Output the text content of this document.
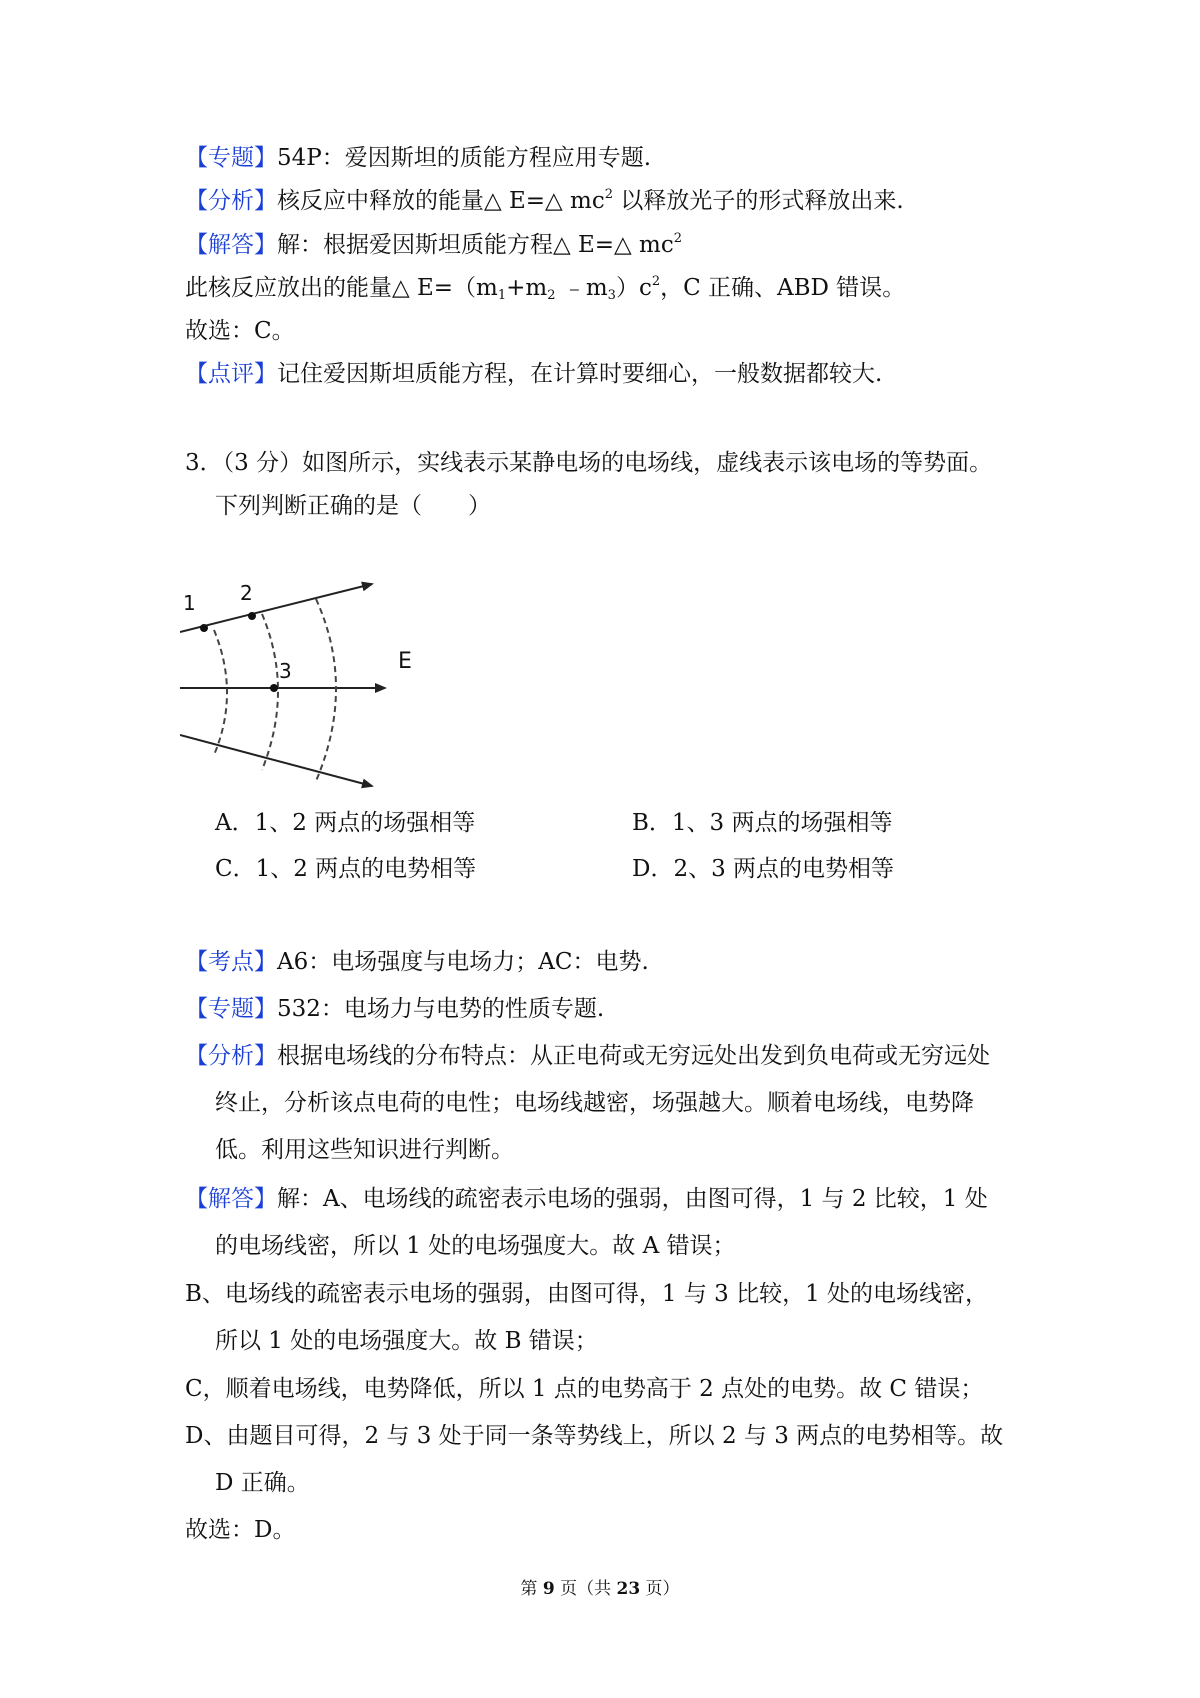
【专题】54P：爱因斯坦的质能方程应用专题.
【分析】核反应中释放的能量△ E=△ $mc^2$ 以释放光子的形式释放出来.
【解答】解：根据爱因斯坦质能方程△ E=△ $mc^2$
此核反应放出的能量△ $E=(m_1+m_2$ $﹣m_3)c^2$，C 正确、ABD 错误。
故选：C。
【点评】记住爱因斯坦质能方程，在计算时要细心，一般数据都较大.
3．（3 分）如图所示，实线表示某静电场的电场线，虚线表示该电场的等势面。
下列判断正确的是（　　）
1 2
3	E
A．1、2 两点的场强相等	B．1、3 两点的场强相等
C．1、2 两点的电势相等	D．2、3 两点的电势相等
【考点】A6：电场强度与电场力；AC：电势.
【专题】532：电场力与电势的性质专题.
【分析】根据电场线的分布特点：从正电荷或无穷远处出发到负电荷或无穷远处
终止，分析该点电荷的电性；电场线越密，场强越大。顺着电场线，电势降
低。利用这些知识进行判断。
【解答】解：A、电场线的疏密表示电场的强弱，由图可得，1 与 2 比较，1 处
的电场线密，所以 1 处的电场强度大。故 A 错误；
B、电场线的疏密表示电场的强弱，由图可得，1 与 3 比较，1 处的电场线密，
所以 1 处的电场强度大。故 B 错误；
C，顺着电场线，电势降低，所以 1 点的电势高于 2 点处的电势。故 C 错误；
D、由题目可得，2 与 3 处于同一条等势线上，所以 2 与 3 两点的电势相等。故
D 正确。
故选：D。
第 9 页（共 23 页）
